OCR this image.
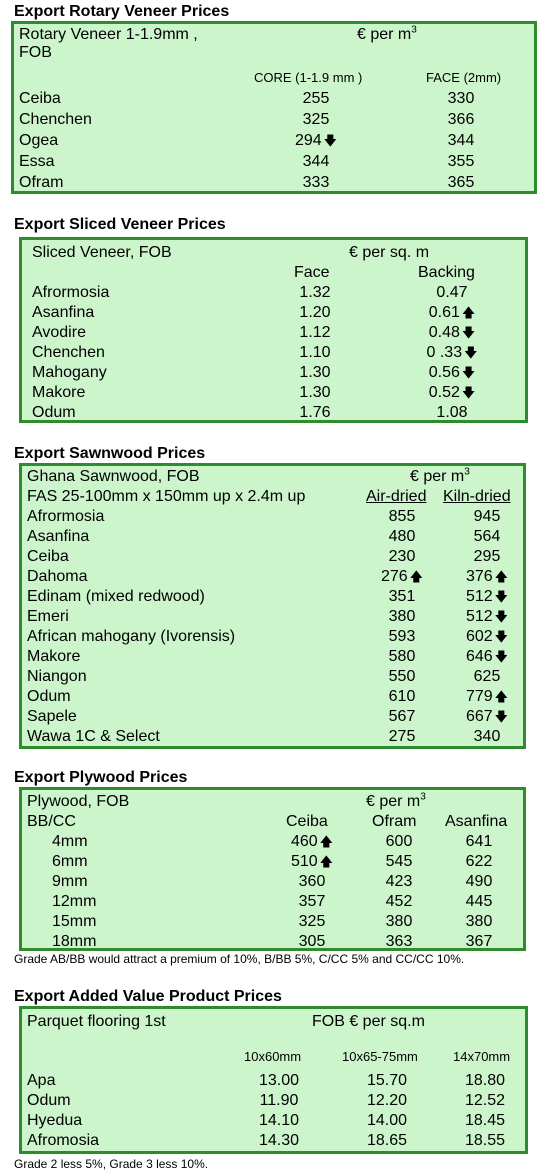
Export Rotary Veneer Prices
Rotary Veneer 1-1.9mm ,
FOB
€ per $m^3$
CORE (1-1.9 mm )	FACE (2mm)
Ceiba	255	330
Chenchen	325	366
Ogea	294 🡇	344
Essa	344	355
Ofram	333	365
Export Sliced Veneer Prices
Sliced Veneer, FOB	€ per sq. m
Face	Backing
Afrormosia	1.32	0.47
Asanfina	1.20	0.61 🡅
Avodire	1.12	0.48 🡇
Chenchen	1.10	0 .33 🡇
Mahogany	1.30	0.56 🡇
Makore	1.30	0.52 🡇
Odum	1.76	1.08
Export Sawnwood Prices
Ghana Sawnwood, FOB	€ per $m^3$
FAS 25-100mm x 150mm up x 2.4m up	Air-dried Kiln-dried
Afrormosia	855	945
Asanfina	480	564
Ceiba	230	295
Dahoma	276 🡅	376 🡅
Edinam (mixed redwood)	351	512 🡇
Emeri	380	512 🡇
African mahogany (Ivorensis)	593	602 🡇
Makore	580	646 🡇
Niangon	550	625
Odum	610	779 🡅
Sapele	567	667 🡇
Wawa 1C & Select	275	340
Export Plywood Prices
Plywood, FOB
BB/CC
€ per $m^3$
Ceiba	Ofram Asanfina
4mm	460 🡅	600	641
6mm	510 🡅	545	622
9mm	360	423	490
12mm	357	452	445
15mm	325	380	380
18mm	305	363	367
Grade AB/BB would attract a premium of 10%, B/BB 5%, C/CC 5% and CC/CC 10%.
Export Added Value Product Prices
Parquet flooring 1st	FOB € per sq.m
10x60mm	10x65-75mm	14x70mm
Apa	13.00	15.70	18.80
Odum	11.90	12.20	12.52
Hyedua	14.10	14.00	18.45
Afromosia	14.30	18.65	18.55
Grade 2 less 5%, Grade 3 less 10%.
